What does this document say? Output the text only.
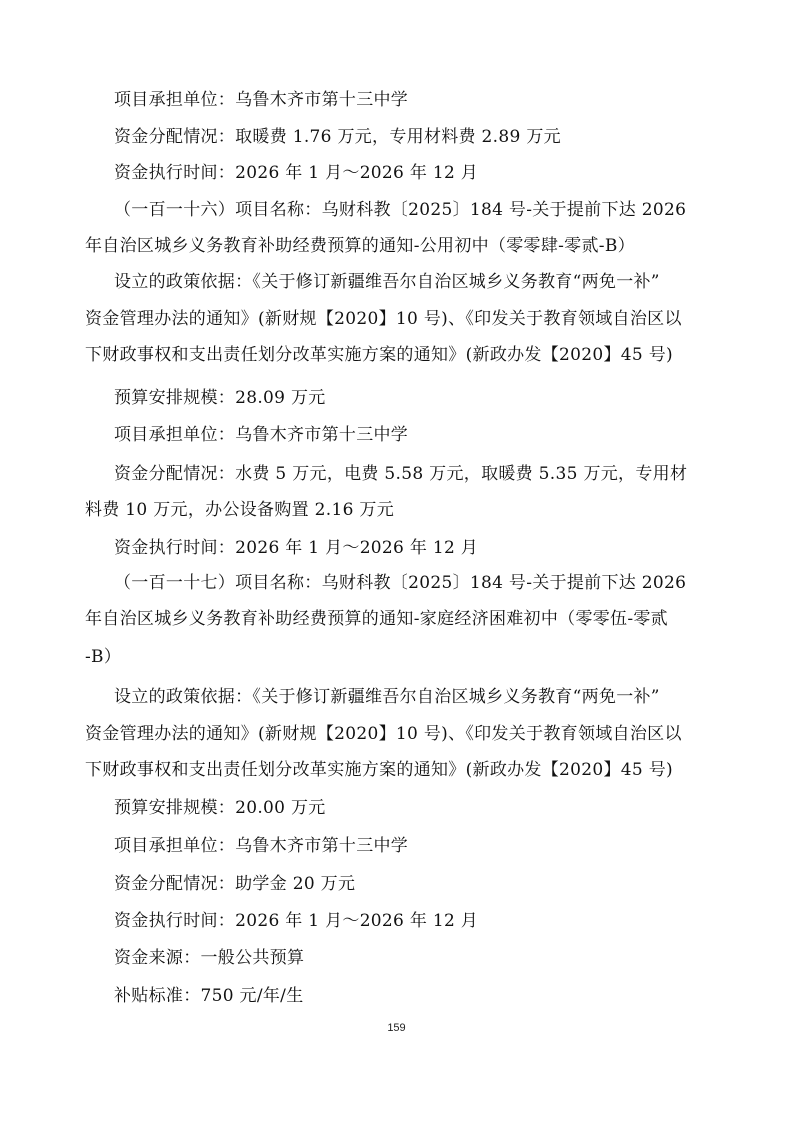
项目承担单位：乌鲁木齐市第十三中学
资金分配情况：取暖费 1.76 万元，专用材料费 2.89 万元
资金执行时间：2026 年 1 月～2026 年 12 月
（一百一十六）项目名称：乌财科教〔2025〕184 号-关于提前下达 2026
年自治区城乡义务教育补助经费预算的通知-公用初中（零零肆-零贰-B）
设立的政策依据：《关于修订新疆维吾尔自治区城乡义务教育“两免一补”
资金管理办法的通知》(新财规【2020】10 号)、《印发关于教育领域自治区以
下财政事权和支出责任划分改革实施方案的通知》(新政办发【2020】45 号)
预算安排规模：28.09 万元
项目承担单位：乌鲁木齐市第十三中学
资金分配情况：水费 5 万元，电费 5.58 万元，取暖费 5.35 万元，专用材
料费 10 万元，办公设备购置 2.16 万元
资金执行时间：2026 年 1 月～2026 年 12 月
（一百一十七）项目名称：乌财科教〔2025〕184 号-关于提前下达 2026
年自治区城乡义务教育补助经费预算的通知-家庭经济困难初中（零零伍-零贰
-B）
设立的政策依据：《关于修订新疆维吾尔自治区城乡义务教育“两免一补”
资金管理办法的通知》(新财规【2020】10 号)、《印发关于教育领域自治区以
下财政事权和支出责任划分改革实施方案的通知》(新政办发【2020】45 号)
预算安排规模：20.00 万元
项目承担单位：乌鲁木齐市第十三中学
资金分配情况：助学金 20 万元
资金执行时间：2026 年 1 月～2026 年 12 月
资金来源：一般公共预算
补贴标准：750 元/年/生
159
